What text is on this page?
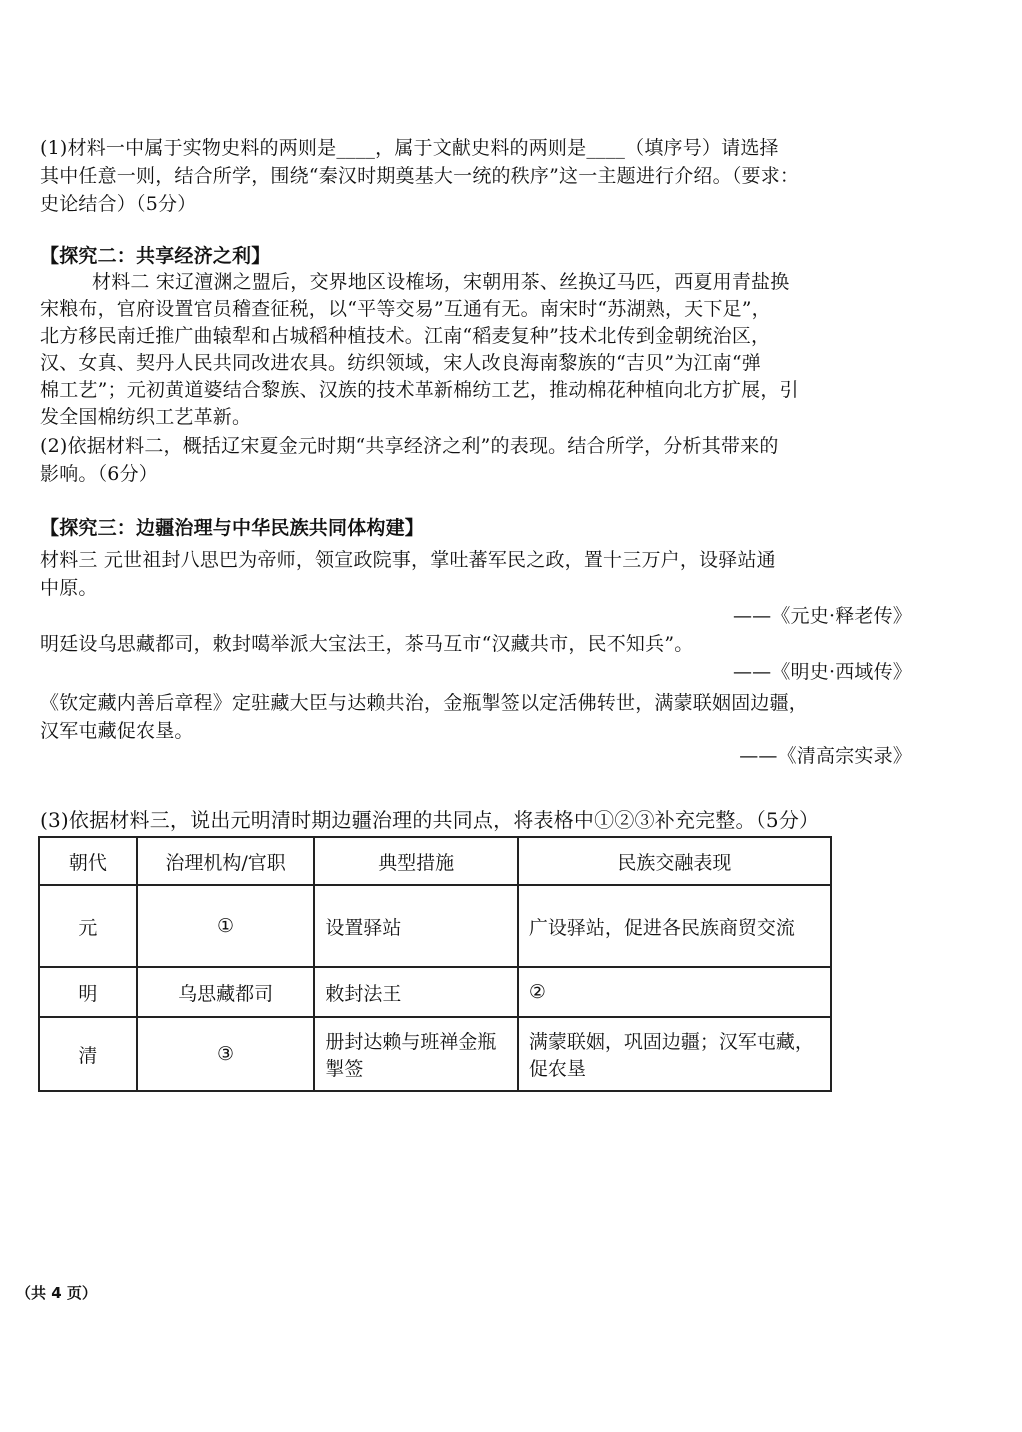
(1)材料一中属于实物史料的两则是____，属于文献史料的两则是____（填序号）请选择
其中任意一则，结合所学，围绕“秦汉时期奠基大一统的秩序”这一主题进行介绍。（要求：
史论结合）（5分）
【探究二：共享经济之利】
材料二 宋辽澶渊之盟后，交界地区设榷场，宋朝用茶、丝换辽马匹，西夏用青盐换
宋粮布，官府设置官员稽查征税，以“平等交易”互通有无。南宋时“苏湖熟，天下足”，
北方移民南迁推广曲辕犁和占城稻种植技术。江南“稻麦复种”技术北传到金朝统治区，
汉、女真、契丹人民共同改进农具。纺织领域，宋人改良海南黎族的“吉贝”为江南“弹
棉工艺”；元初黄道婆结合黎族、汉族的技术革新棉纺工艺，推动棉花种植向北方扩展，引
发全国棉纺织工艺革新。
(2)依据材料二，概括辽宋夏金元时期“共享经济之利”的表现。结合所学，分析其带来的
影响。（6分）
【探究三：边疆治理与中华民族共同体构建】
材料三 元世祖封八思巴为帝师，领宣政院事，掌吐蕃军民之政，置十三万户，设驿站通
中原。
——《元史·释老传》
明廷设乌思藏都司，敕封噶举派大宝法王，茶马互市“汉藏共市，民不知兵”。
——《明史·西域传》
《钦定藏内善后章程》定驻藏大臣与达赖共治，金瓶掣签以定活佛转世，满蒙联姻固边疆，
汉军屯藏促农垦。
——《清高宗实录》
(3)依据材料三，说出元明清时期边疆治理的共同点，将表格中①②③补充完整。（5分）
朝代	治理机构/官职	典型措施	民族交融表现
元	①	设置驿站	广设驿站，促进各民族商贸交流
明	乌思藏都司	敕封法王	②
清	③	册封达赖与班禅金瓶掣签	满蒙联姻，巩固边疆；汉军屯藏，促农垦
（共 4 页）
